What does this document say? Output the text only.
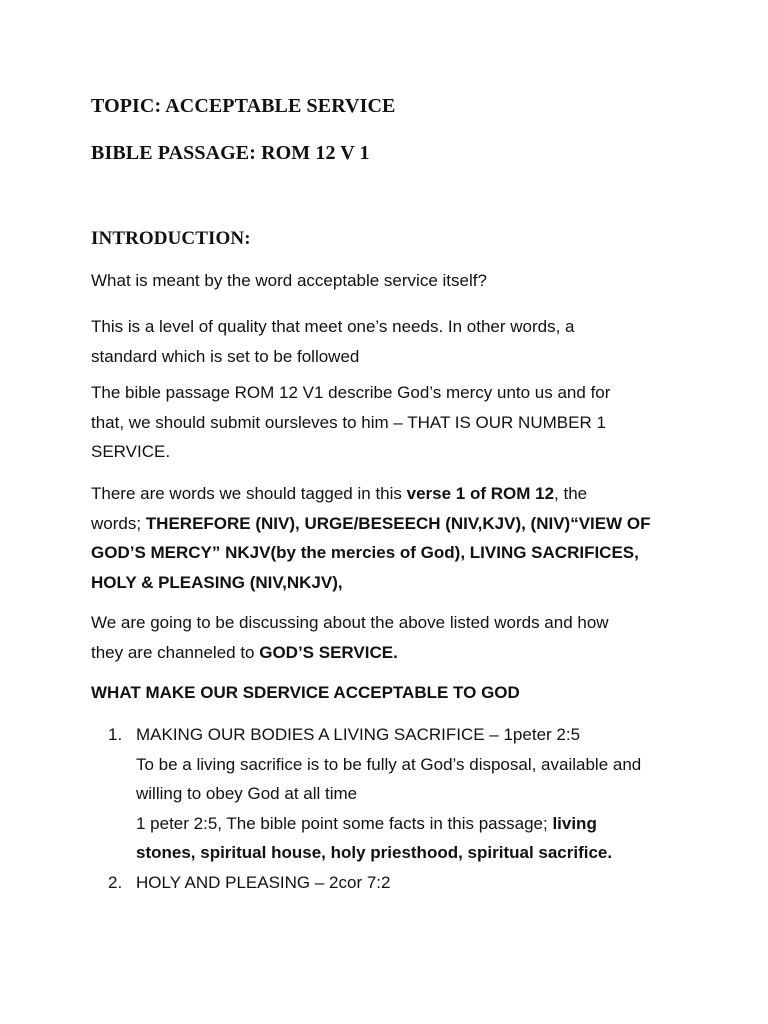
TOPIC: ACCEPTABLE SERVICE
BIBLE PASSAGE: ROM 12 V 1
INTRODUCTION:
What is meant by the word acceptable service itself?
This is a level of quality that meet one’s needs. In other words, a
standard which is set to be followed
The bible passage ROM 12 V1 describe God’s mercy unto us and for
that, we should submit oursleves to him – THAT IS OUR NUMBER 1
SERVICE.
There are words we should tagged in this verse 1 of ROM 12, the
words; THEREFORE (NIV), URGE/BESEECH (NIV,KJV), (NIV)“VIEW OF
GOD’S MERCY” NKJV(by the mercies of God), LIVING SACRIFICES,
HOLY & PLEASING (NIV,NKJV),
We are going to be discussing about the above listed words and how
they are channeled to GOD’S SERVICE.
WHAT MAKE OUR SDERVICE ACCEPTABLE TO GOD
1. MAKING OUR BODIES A LIVING SACRIFICE – 1peter 2:5
To be a living sacrifice is to be fully at God’s disposal, available and
willing to obey God at all time
1 peter 2:5, The bible point some facts in this passage; living
stones, spiritual house, holy priesthood, spiritual sacrifice.
2. HOLY AND PLEASING – 2cor 7:2
